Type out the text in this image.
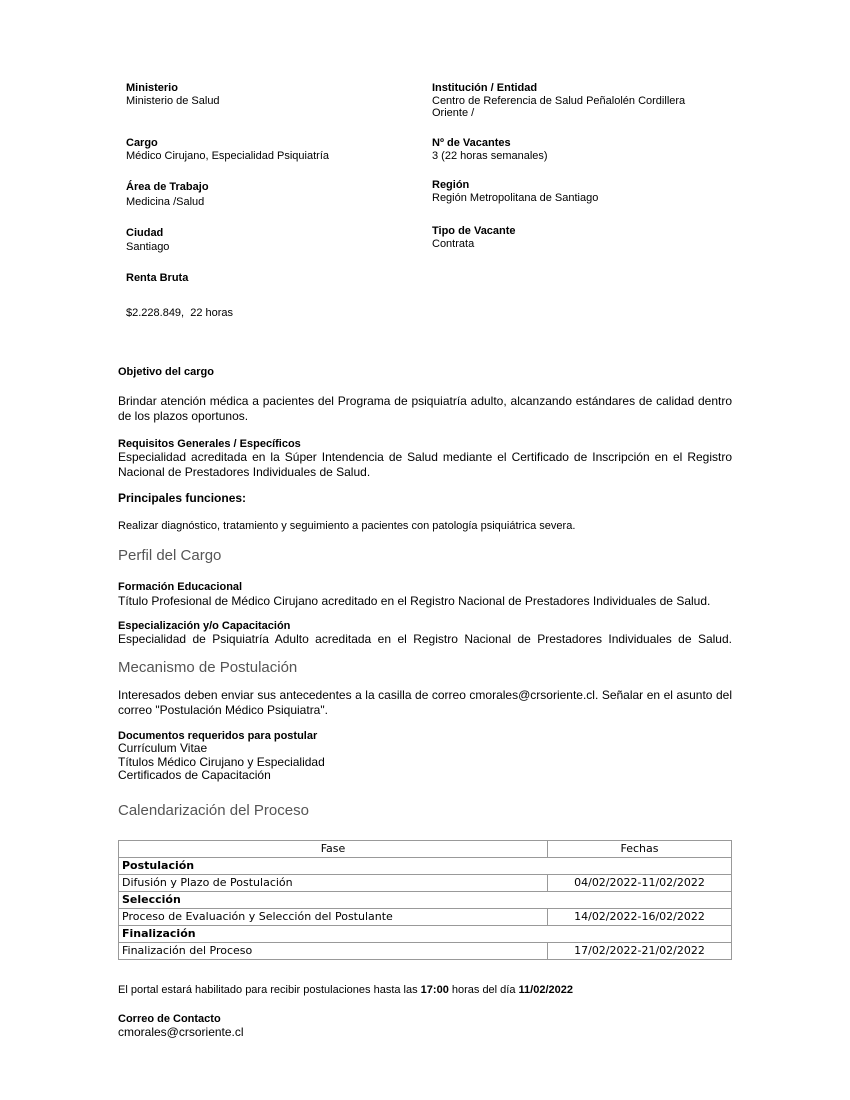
Ministerio
Ministerio de Salud
Institución / Entidad
Centro de Referencia de Salud Peñalolén Cordillera
Oriente /
Cargo
Médico Cirujano, Especialidad Psiquiatría
Nº de Vacantes
3 (22 horas semanales)
Área de Trabajo
Medicina /Salud
Región
Región Metropolitana de Santiago
Ciudad
Santiago
Tipo de Vacante
Contrata
Renta Bruta
$2.228.849,  22 horas
Objetivo del cargo
Brindar atención médica a pacientes del Programa de psiquiatría adulto, alcanzando estándares de calidad dentro de los plazos oportunos.
Requisitos Generales / Específicos
Especialidad acreditada en la Súper Intendencia de Salud mediante el Certificado de Inscripción en el Registro Nacional de Prestadores Individuales de Salud.
Principales funciones:
Realizar diagnóstico, tratamiento y seguimiento a pacientes con patología psiquiátrica severa.
Perfil del Cargo
Formación Educacional
Título Profesional de Médico Cirujano acreditado en el Registro Nacional de Prestadores Individuales de Salud.
Especialización y/o Capacitación
Especialidad de Psiquiatría Adulto acreditada en el Registro Nacional de Prestadores Individuales de Salud.
Mecanismo de Postulación
Interesados deben enviar sus antecedentes a la casilla de correo cmorales@crsoriente.cl. Señalar en el asunto del correo "Postulación Médico Psiquiatra".
Documentos requeridos para postular
Currículum Vitae
Títulos Médico Cirujano y Especialidad
Certificados de Capacitación
Calendarización del Proceso
Fase	Fechas
Postulación	
Difusión y Plazo de Postulación	04/02/2022-11/02/2022
Selección	
Proceso de Evaluación y Selección del Postulante	14/02/2022-16/02/2022
Finalización	
Finalización del Proceso	17/02/2022-21/02/2022
El portal estará habilitado para recibir postulaciones hasta las 17:00 horas del día 11/02/2022
Correo de Contacto
cmorales@crsoriente.cl
